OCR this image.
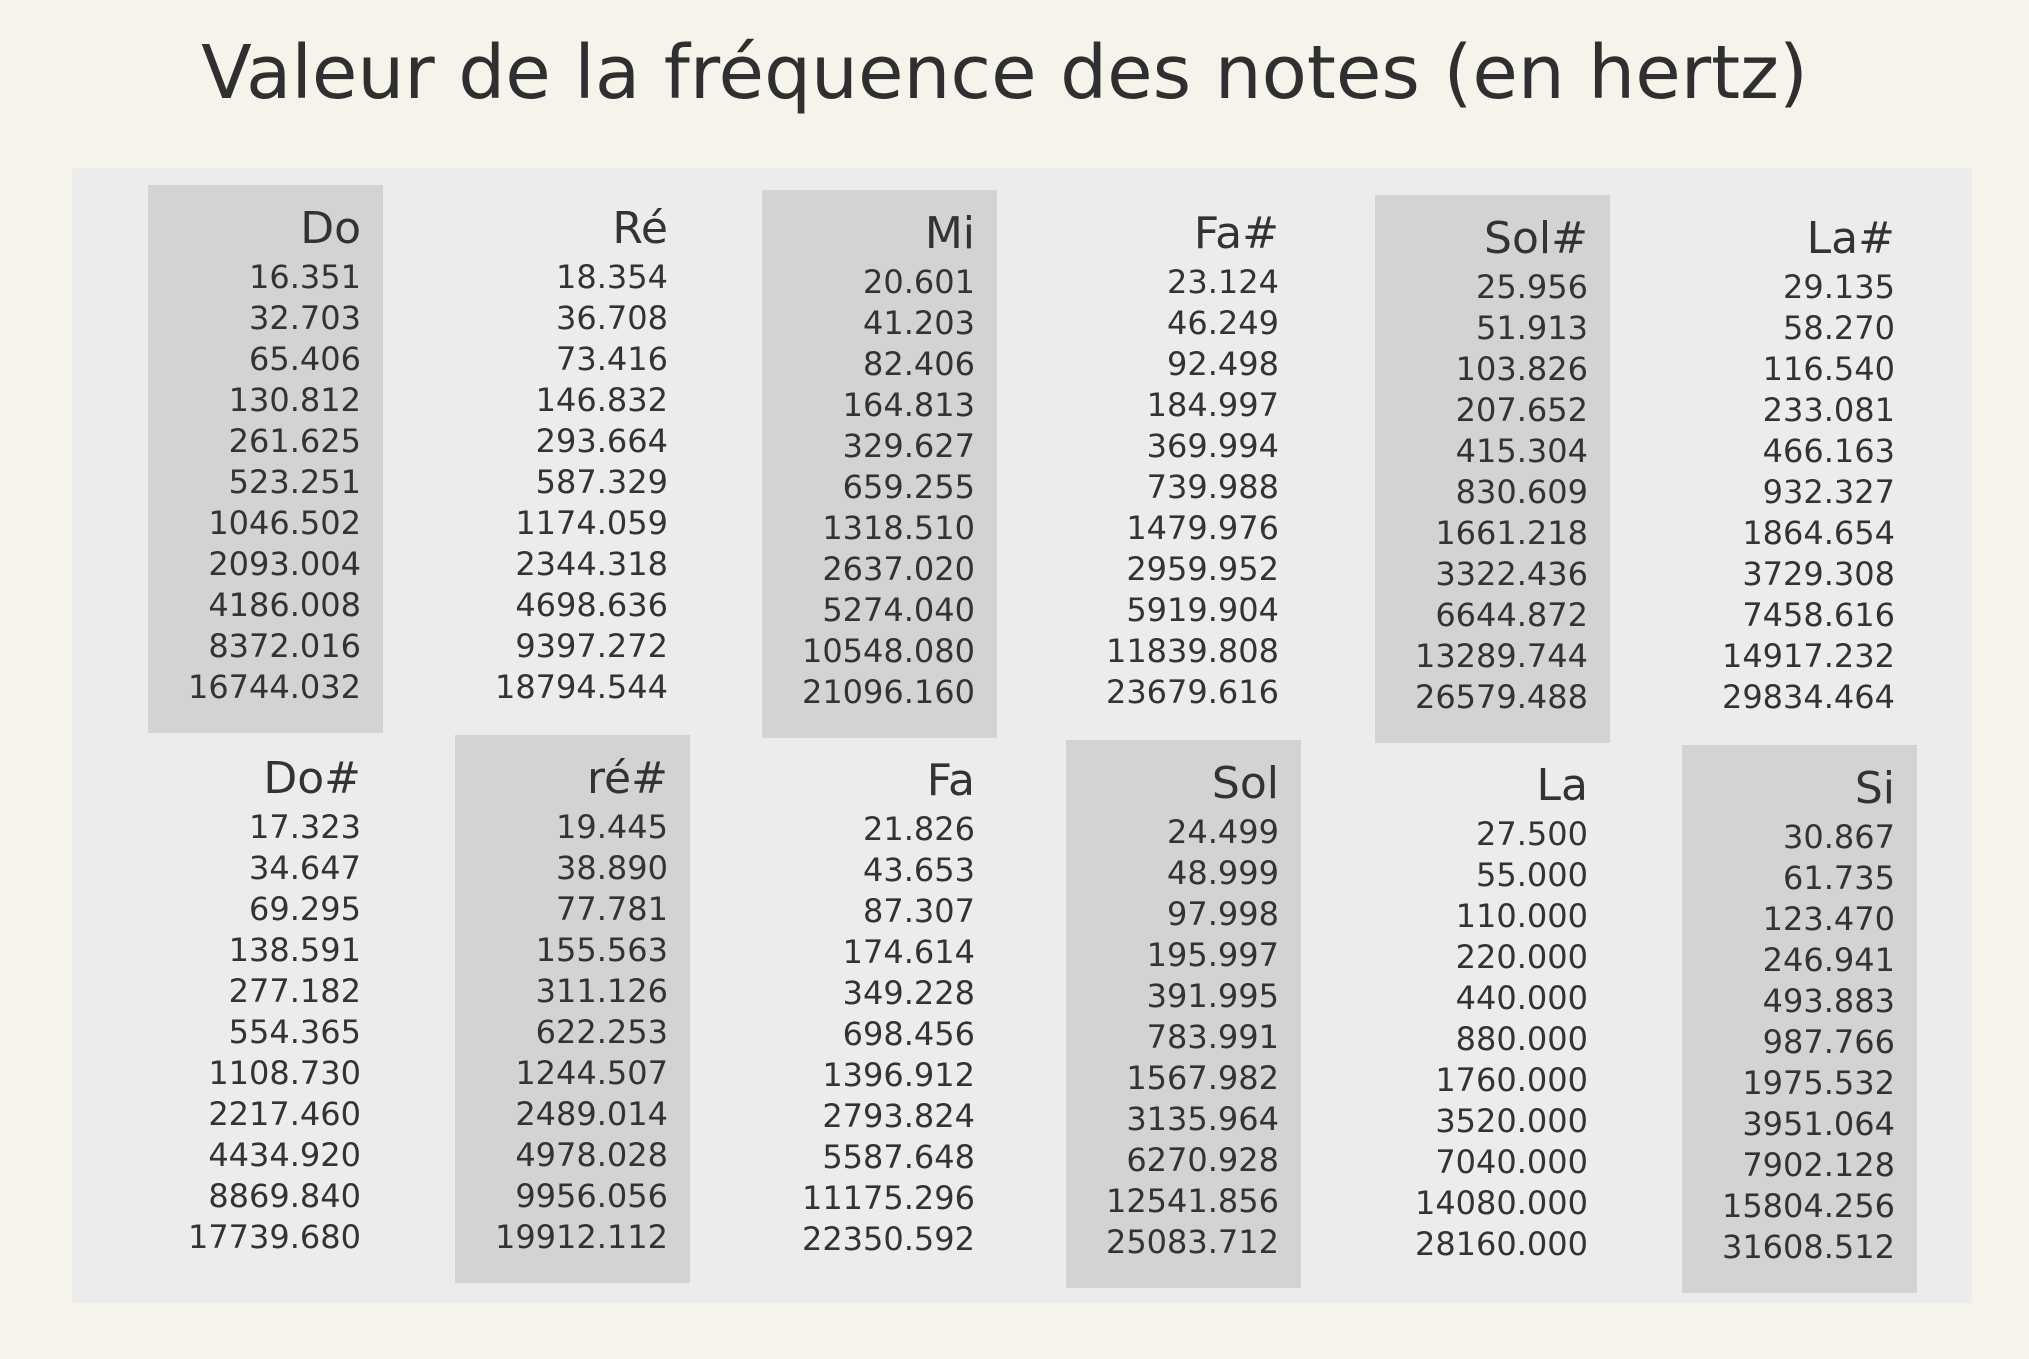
Valeur de la fréquence des notes (en hertz)
Do
16.351
32.703
65.406
130.812
261.625
523.251
1046.502
2093.004
4186.008
8372.016
16744.032
Ré
18.354
36.708
73.416
146.832
293.664
587.329
1174.059
2344.318
4698.636
9397.272
18794.544
Mi
20.601
41.203
82.406
164.813
329.627
659.255
1318.510
2637.020
5274.040
10548.080
21096.160
Fa#
23.124
46.249
92.498
184.997
369.994
739.988
1479.976
2959.952
5919.904
11839.808
23679.616
Sol#
25.956
51.913
103.826
207.652
415.304
830.609
1661.218
3322.436
6644.872
13289.744
26579.488
La#
29.135
58.270
116.540
233.081
466.163
932.327
1864.654
3729.308
7458.616
14917.232
29834.464
Do#
17.323
34.647
69.295
138.591
277.182
554.365
1108.730
2217.460
4434.920
8869.840
17739.680
ré#
19.445
38.890
77.781
155.563
311.126
622.253
1244.507
2489.014
4978.028
9956.056
19912.112
Fa
21.826
43.653
87.307
174.614
349.228
698.456
1396.912
2793.824
5587.648
11175.296
22350.592
Sol
24.499
48.999
97.998
195.997
391.995
783.991
1567.982
3135.964
6270.928
12541.856
25083.712
La
27.500
55.000
110.000
220.000
440.000
880.000
1760.000
3520.000
7040.000
14080.000
28160.000
Si
30.867
61.735
123.470
246.941
493.883
987.766
1975.532
3951.064
7902.128
15804.256
31608.512
